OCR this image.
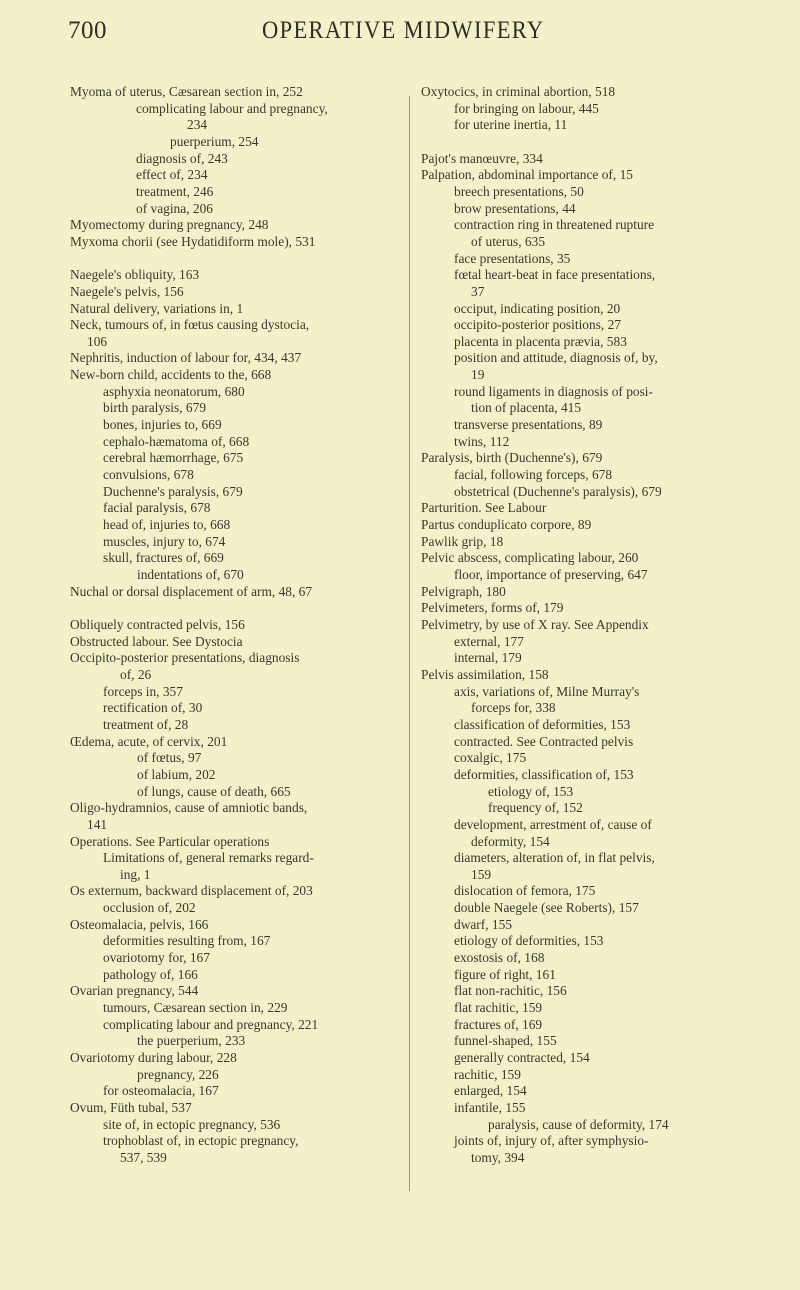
700	OPERATIVE MIDWIFERY
Myoma of uterus, Cæsarean section in, 252
complicating labour and pregnancy,
234
puerperium, 254
diagnosis of, 243
effect of, 234
treatment, 246
of vagina, 206
Myomectomy during pregnancy, 248
Myxoma chorii (see Hydatidiform mole), 531
Naegele's obliquity, 163
Naegele's pelvis, 156
Natural delivery, variations in, 1
Neck, tumours of, in fœtus causing dystocia,
106
Nephritis, induction of labour for, 434, 437
New-born child, accidents to the, 668
asphyxia neonatorum, 680
birth paralysis, 679
bones, injuries to, 669
cephalo-hæmatoma of, 668
cerebral hæmorrhage, 675
convulsions, 678
Duchenne's paralysis, 679
facial paralysis, 678
head of, injuries to, 668
muscles, injury to, 674
skull, fractures of, 669
indentations of, 670
Nuchal or dorsal displacement of arm, 48, 67
Obliquely contracted pelvis, 156
Obstructed labour. See Dystocia
Occipito-posterior presentations, diagnosis
of, 26
forceps in, 357
rectification of, 30
treatment of, 28
Œdema, acute, of cervix, 201
of fœtus, 97
of labium, 202
of lungs, cause of death, 665
Oligo-hydramnios, cause of amniotic bands,
141
Operations. See Particular operations
Limitations of, general remarks regard-
ing, 1
Os externum, backward displacement of, 203
occlusion of, 202
Osteomalacia, pelvis, 166
deformities resulting from, 167
ovariotomy for, 167
pathology of, 166
Ovarian pregnancy, 544
tumours, Cæsarean section in, 229
complicating labour and pregnancy, 221
the puerperium, 233
Ovariotomy during labour, 228
pregnancy, 226
for osteomalacia, 167
Ovum, Füth tubal, 537
site of, in ectopic pregnancy, 536
trophoblast of, in ectopic pregnancy,
537, 539
Oxytocics, in criminal abortion, 518
for bringing on labour, 445
for uterine inertia, 11
Pajot's manœuvre, 334
Palpation, abdominal importance of, 15
breech presentations, 50
brow presentations, 44
contraction ring in threatened rupture
of uterus, 635
face presentations, 35
fœtal heart-beat in face presentations,
37
occiput, indicating position, 20
occipito-posterior positions, 27
placenta in placenta prævia, 583
position and attitude, diagnosis of, by,
19
round ligaments in diagnosis of posi-
tion of placenta, 415
transverse presentations, 89
twins, 112
Paralysis, birth (Duchenne's), 679
facial, following forceps, 678
obstetrical (Duchenne's paralysis), 679
Parturition. See Labour
Partus conduplicato corpore, 89
Pawlik grip, 18
Pelvic abscess, complicating labour, 260
floor, importance of preserving, 647
Pelvigraph, 180
Pelvimeters, forms of, 179
Pelvimetry, by use of X ray. See Appendix
external, 177
internal, 179
Pelvis assimilation, 158
axis, variations of, Milne Murray's
forceps for, 338
classification of deformities, 153
contracted. See Contracted pelvis
coxalgic, 175
deformities, classification of, 153
etiology of, 153
frequency of, 152
development, arrestment of, cause of
deformity, 154
diameters, alteration of, in flat pelvis,
159
dislocation of femora, 175
double Naegele (see Roberts), 157
dwarf, 155
etiology of deformities, 153
exostosis of, 168
figure of right, 161
flat non-rachitic, 156
flat rachitic, 159
fractures of, 169
funnel-shaped, 155
generally contracted, 154
rachitic, 159
enlarged, 154
infantile, 155
paralysis, cause of deformity, 174
joints of, injury of, after symphysio-
tomy, 394
